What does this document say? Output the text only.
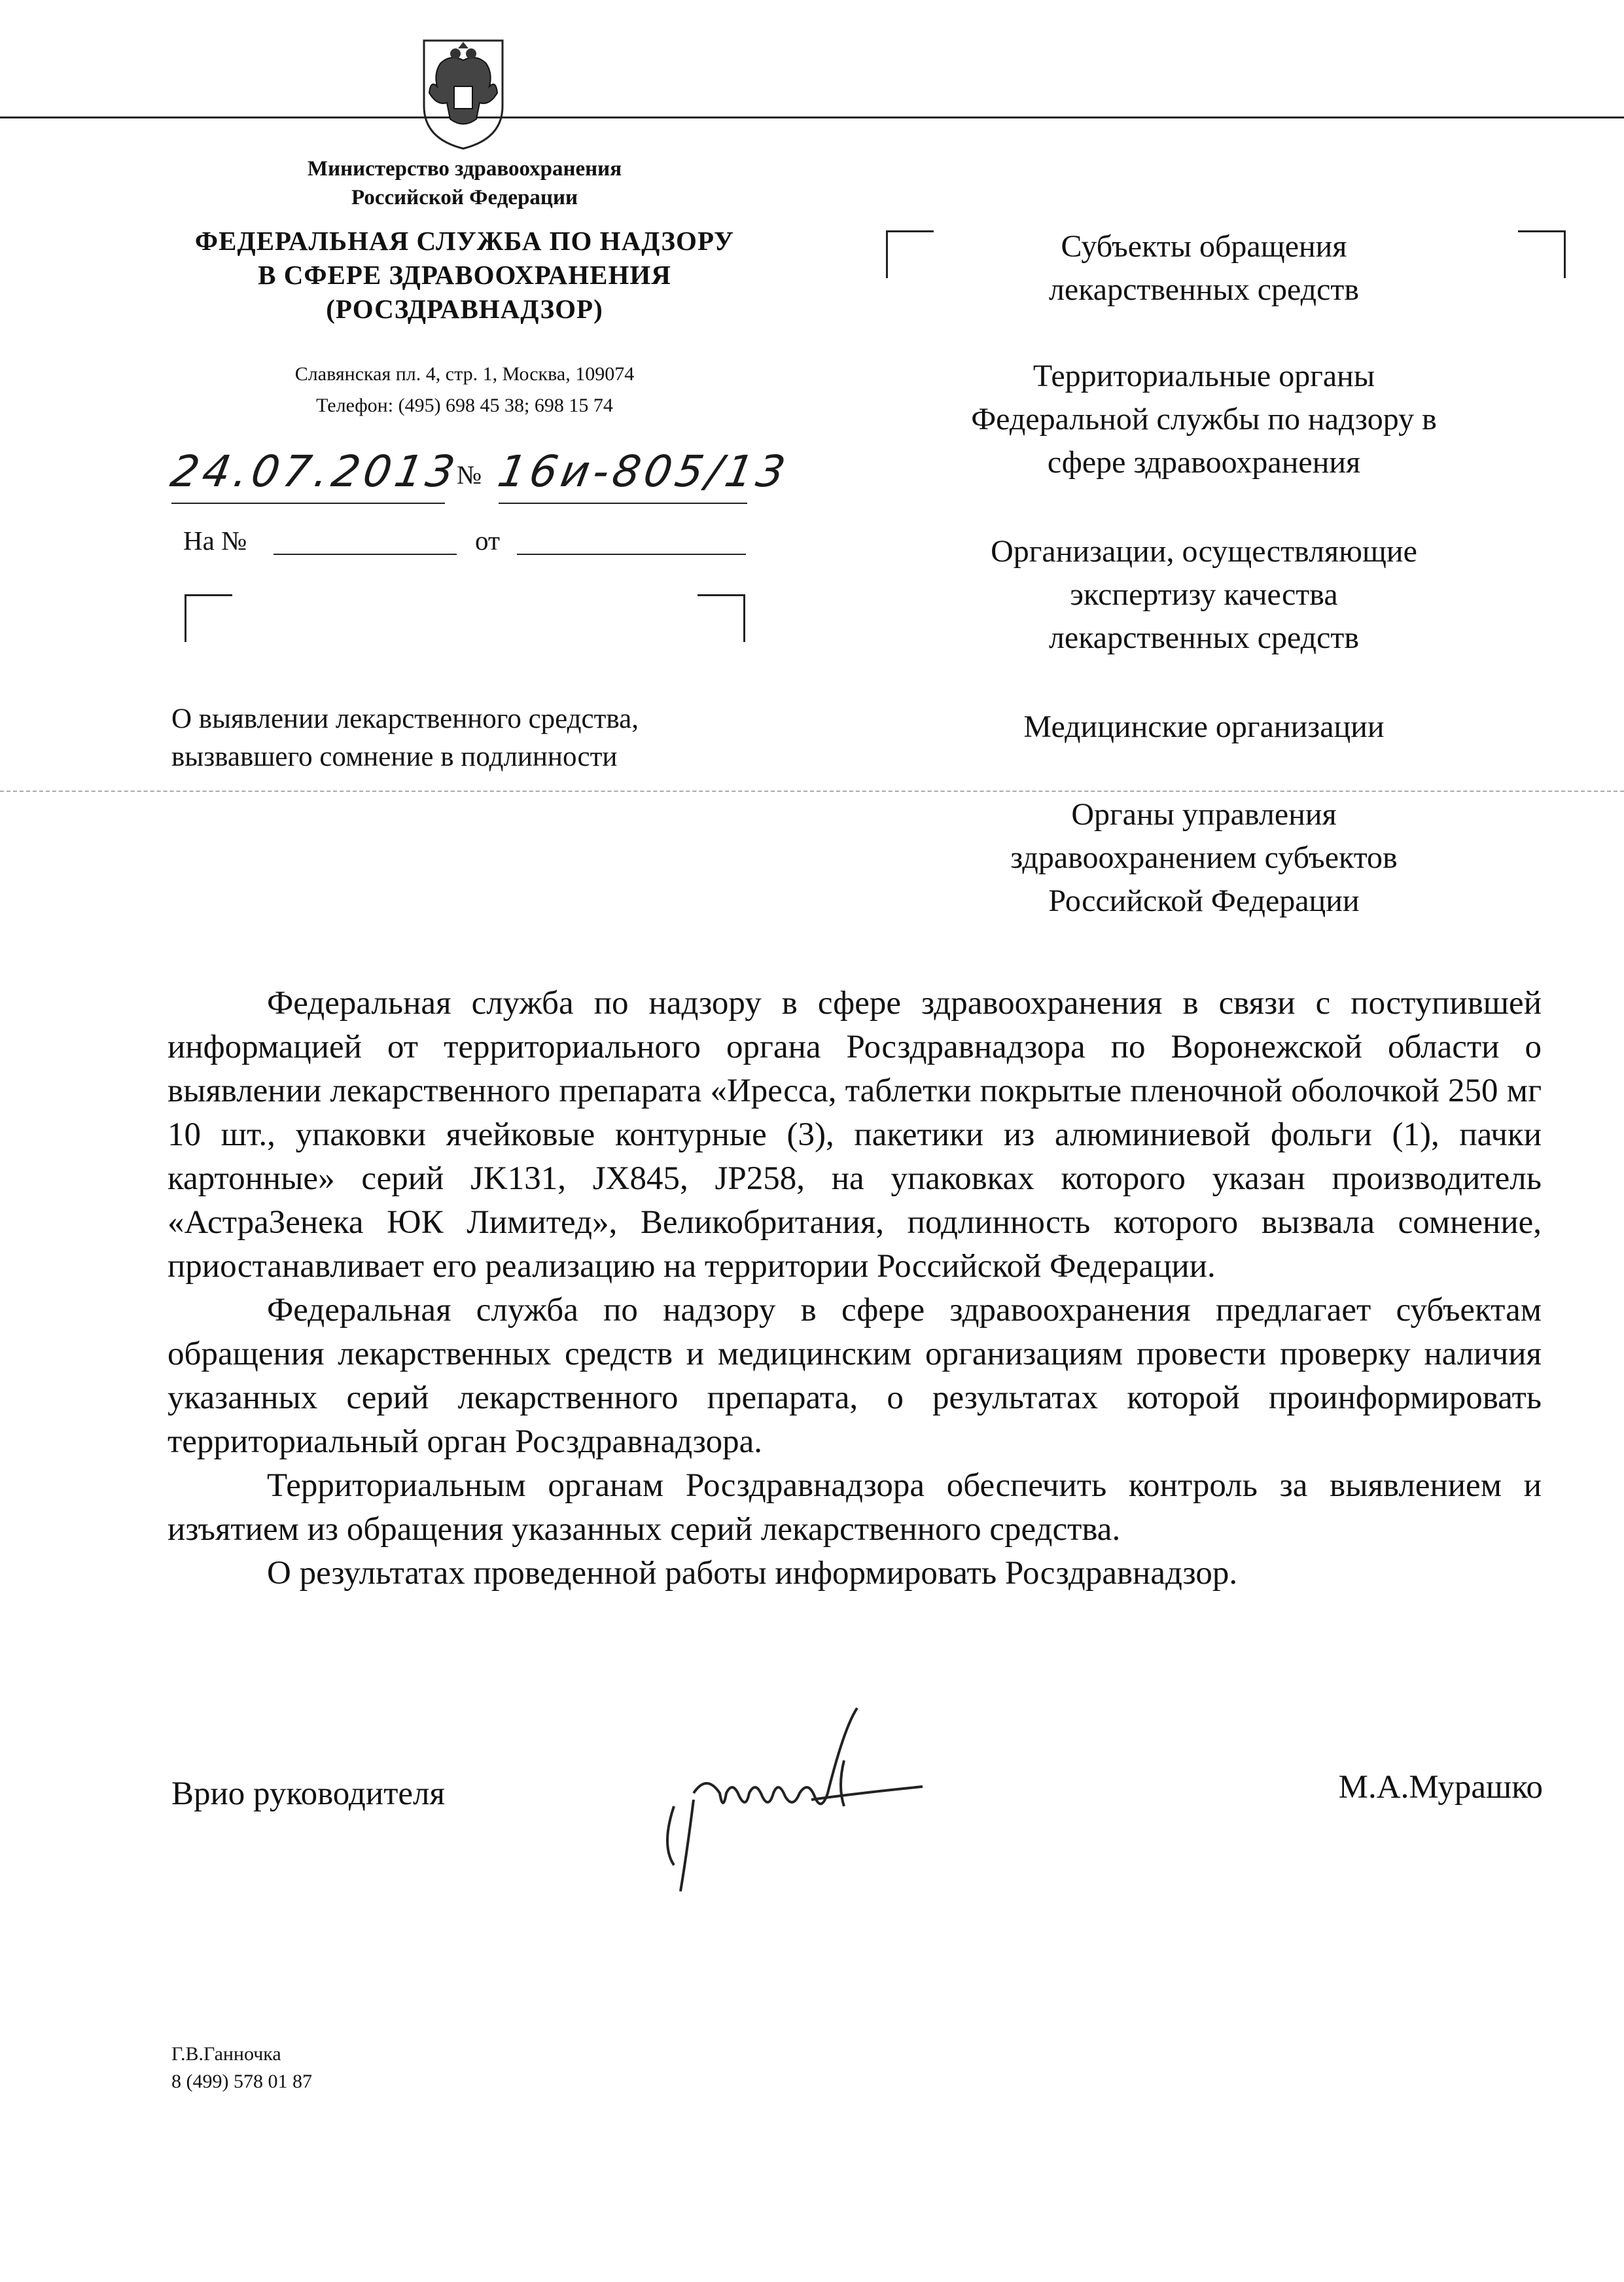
Министерство здравоохранения
Российской Федерации
ФЕДЕРАЛЬНАЯ СЛУЖБА ПО НАДЗОРУ
В СФЕРЕ ЗДРАВООХРАНЕНИЯ
(РОСЗДРАВНАДЗОР)
Славянская пл. 4, стр. 1, Москва, 109074
Телефон: (495) 698 45 38; 698 15 74
24.07.2013
№ 16и-805/13
На №	от
О выявлении лекарственного средства,
вызвавшего сомнение в подлинности
Субъекты обращения
лекарственных средств
Территориальные органы
Федеральной службы по надзору в
сфере здравоохранения
Организации, осуществляющие
экспертизу качества
лекарственных средств
Медицинские организации
Органы управления
здравоохранением субъектов
Российской Федерации

Федеральная служба по надзору в сфере здравоохранения в связи с поступившей информацией от территориального органа Росздравнадзора по Воронежской области о выявлении лекарственного препарата «Иресса, таблетки покрытые пленочной оболочкой 250 мг 10 шт., упаковки ячейковые контурные (3), пакетики из алюминиевой фольги (1), пачки картонные» серий JK131, JX845, JP258, на упаковках которого указан производитель «АстраЗенека ЮК Лимитед», Великобритания, подлинность которого вызвала сомнение, приостанавливает его реализацию на территории Российской Федерации.

Федеральная служба по надзору в сфере здравоохранения предлагает субъектам обращения лекарственных средств и медицинским организациям провести проверку наличия указанных серий лекарственного препарата, о результатах которой проинформировать территориальный орган Росздравнадзора.

Территориальным органам Росздравнадзора обеспечить контроль за выявлением и изъятием из обращения указанных серий лекарственного средства.

О результатах проведенной работы информировать Росздравнадзор.

Врио руководителя	М.А.Мурашко
Г.В.Ганночка
8 (499) 578 01 87
